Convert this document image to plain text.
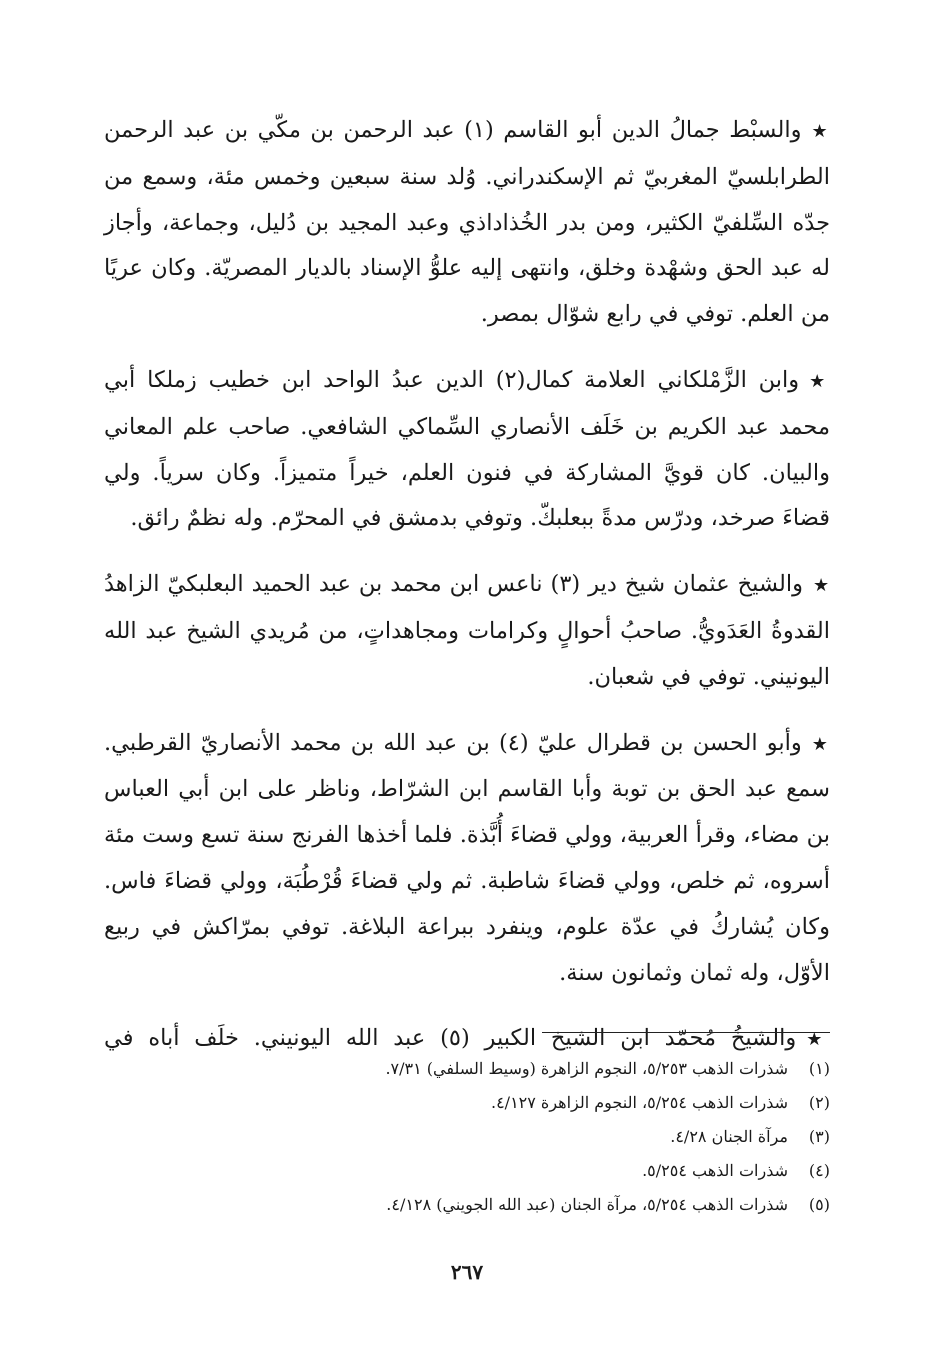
★والسبْط جمالُ الدين أبو القاسم (١) عبد الرحمن بن مكّي بن عبد الرحمن الطرابلسيّ المغربيّ ثم الإسكندراني. وُلد سنة سبعين وخمس مئة، وسمع من جدّه السِّلفيّ الكثير، ومن بدر الخُذاداذي وعبد المجيد بن دُليل، وجماعة، وأجاز له عبد الحق وشهْدة وخلق، وانتهى إليه علوُّ الإسناد بالديار المصريّة. وكان عريًا من العلم. توفي في رابع شوّال بمصر.

★وابن الزَّمْلكاني العلامة كمال(٢) الدين عبدُ الواحد ابن خطيب زملكا أبي محمد عبد الكريم بن خَلَف الأنصاري السِّماكي الشافعي. صاحب علم المعاني والبيان. كان قويَّ المشاركة في فنون العلم، خيراً متميزاً. وكان سرياً. ولي قضاءَ صرخد، ودرّس مدةً ببعلبكّ. وتوفي بدمشق في المحرّم. وله نظمٌ رائق.

★والشيخ عثمان شيخ دير (٣) ناعس ابن محمد بن عبد الحميد البعلبكيّ الزاهدُ القدوةُ العَدَويُّ. صاحبُ أحوالٍ وكرامات ومجاهداتٍ، من مُريدي الشيخ عبد الله اليونيني. توفي في شعبان.

★وأبو الحسن بن قطرال عليّ (٤) بن عبد الله بن محمد الأنصاريّ القرطبي. سمع عبد الحق بن توبة وأبا القاسم ابن الشرّاط، وناظر على ابن أبي العباس بن مضاء، وقرأ العربية، وولي قضاءَ أُبَّذة. فلما أخذها الفرنج سنة تسع وست مئة أسروه، ثم خلص، وولي قضاءَ شاطبة. ثم ولي قضاءَ قُرْطُبَة، وولي قضاءَ فاس. وكان يُشاركُ في عدّة علوم، وينفرد ببراعة البلاغة. توفي بمرّاكش في ربيع الأوّل، وله ثمان وثمانون سنة.

★والشيخُ مُحمّد ابن الشيخ الكبير (٥) عبد الله اليونيني. خلَف أباه في

(١)شذرات الذهب ٥/٢٥٣، النجوم الزاهرة (وسيط السلفي) ٧/٣١.
(٢)شذرات الذهب ٥/٢٥٤، النجوم الزاهرة ٤/١٢٧.
(٣)مرآة الجنان ٤/٢٨.
(٤)شذرات الذهب ٥/٢٥٤.
(٥)شذرات الذهب ٥/٢٥٤، مرآة الجنان (عبد الله الجويني) ٤/١٢٨.
٢٦٧
